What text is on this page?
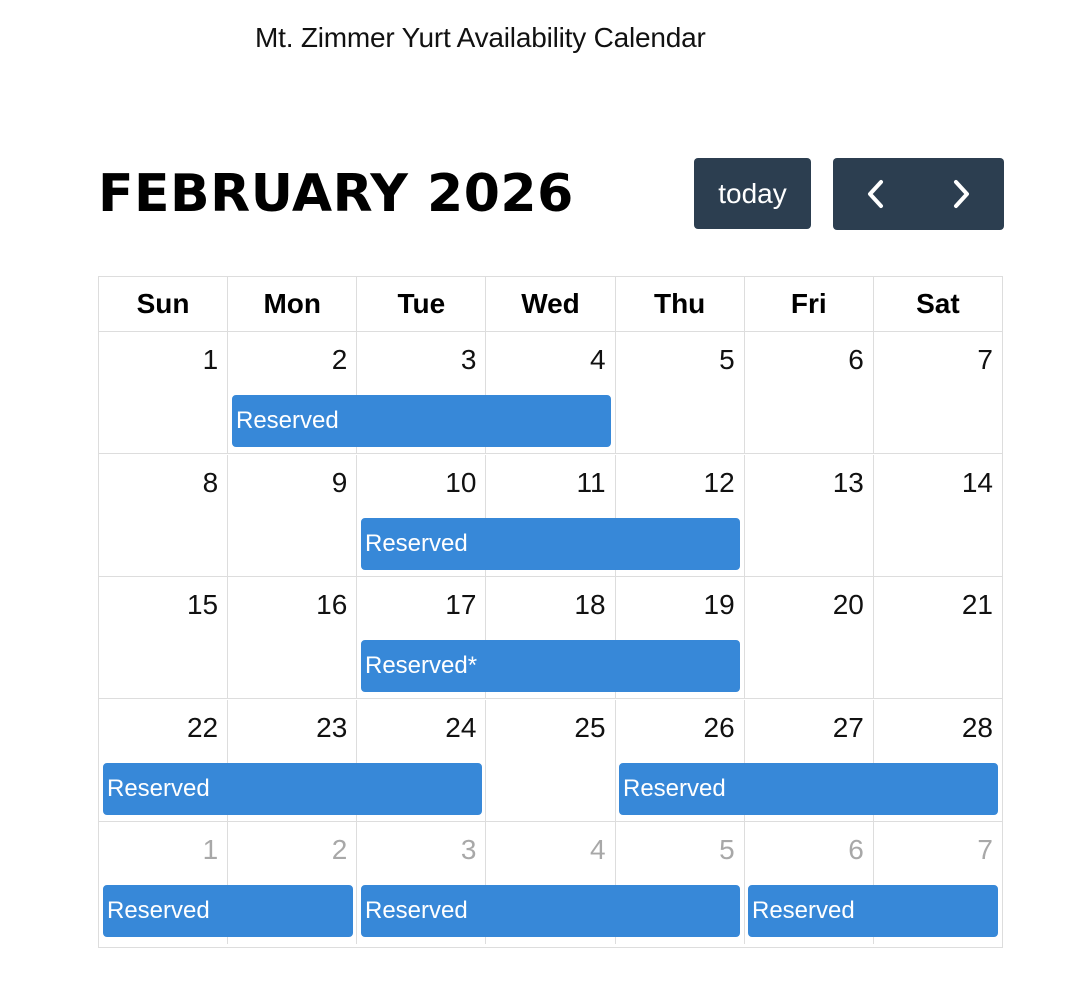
Mt. Zimmer Yurt Availability Calendar
FEBRUARY 2026	today
Sun	Mon	Tue	Wed	Thu	Fri	Sat
1	2	3	4	5	6	7
Reserved
8	9	10	11	12	13	14
Reserved
15	16	17	18	19	20	21
Reserved*
22	23	24	25	26	27	28
Reserved	Reserved
1	2	3	4	5	6	7
Reserved	Reserved	Reserved
